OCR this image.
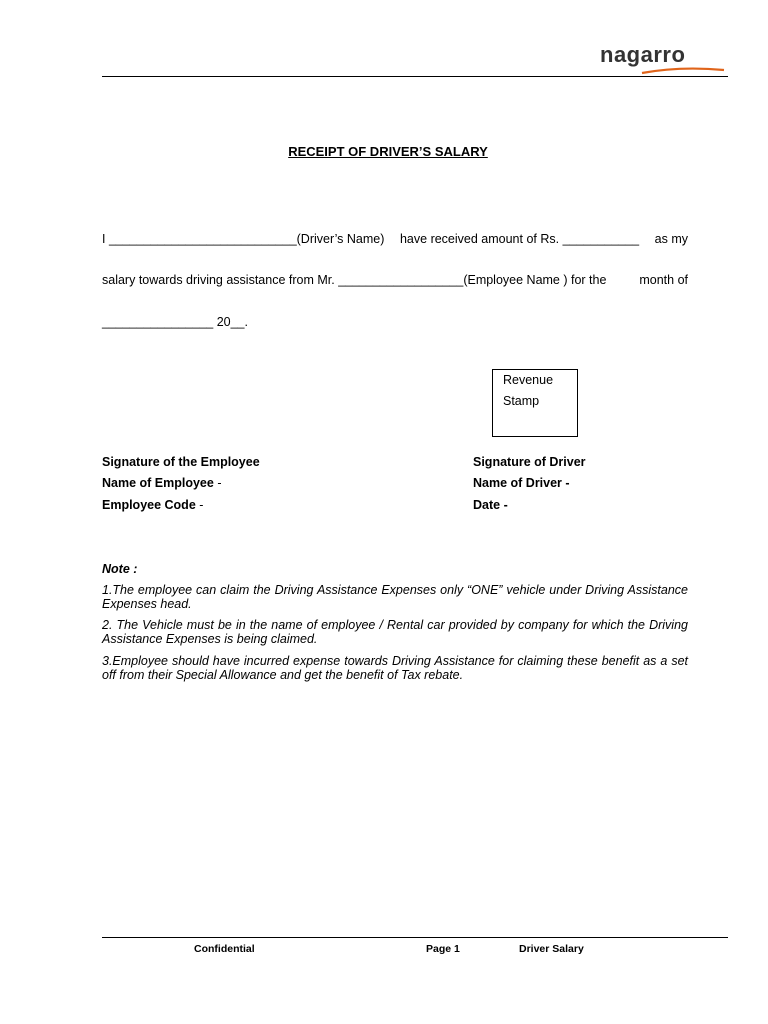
nagarro
RECEIPT OF DRIVER’S SALARY
I ___________________________(Driver’s Name) have received amount of Rs. ___________ as my
salary towards driving assistance from Mr. __________________(Employee Name ) for the	month of
________________ 20__.
Revenue
Stamp
Signature of the Employee
Name of Employee -
Employee Code -
Signature of Driver
Name of Driver -
Date -
Note :
1.The employee can claim the Driving Assistance Expenses only “ONE” vehicle under Driving Assistance Expenses head.
2. The Vehicle must be in the name of employee / Rental car provided by company for which the Driving Assistance Expenses is being claimed.
3.Employee should have incurred expense towards Driving Assistance for claiming these benefit as a set off from their Special Allowance and get the benefit of Tax rebate.
Confidential	Page 1	Driver Salary
